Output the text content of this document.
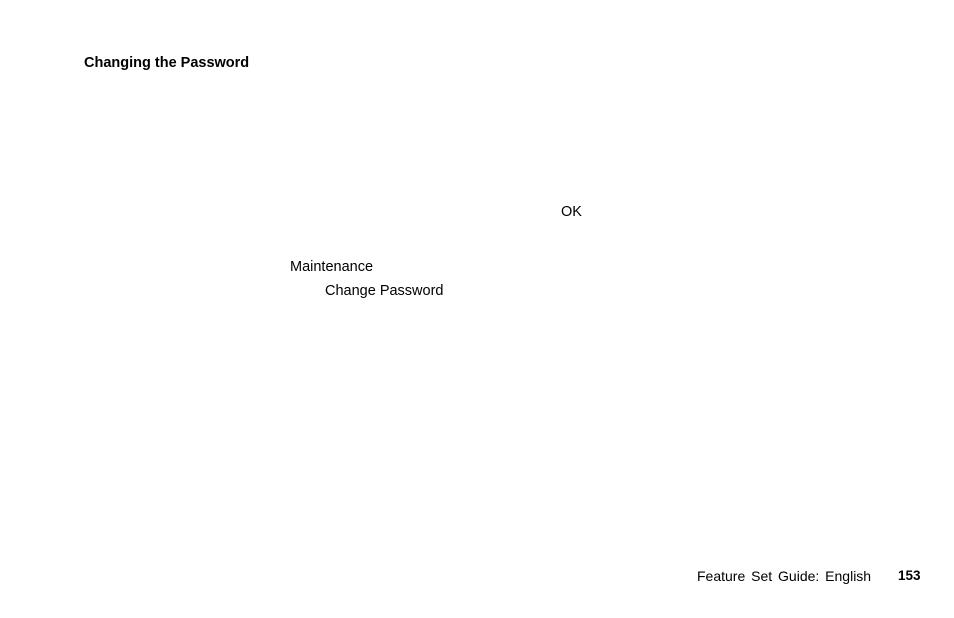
Changing the Password
OK
Maintenance
Change Password
Feature Set Guide: English 153
